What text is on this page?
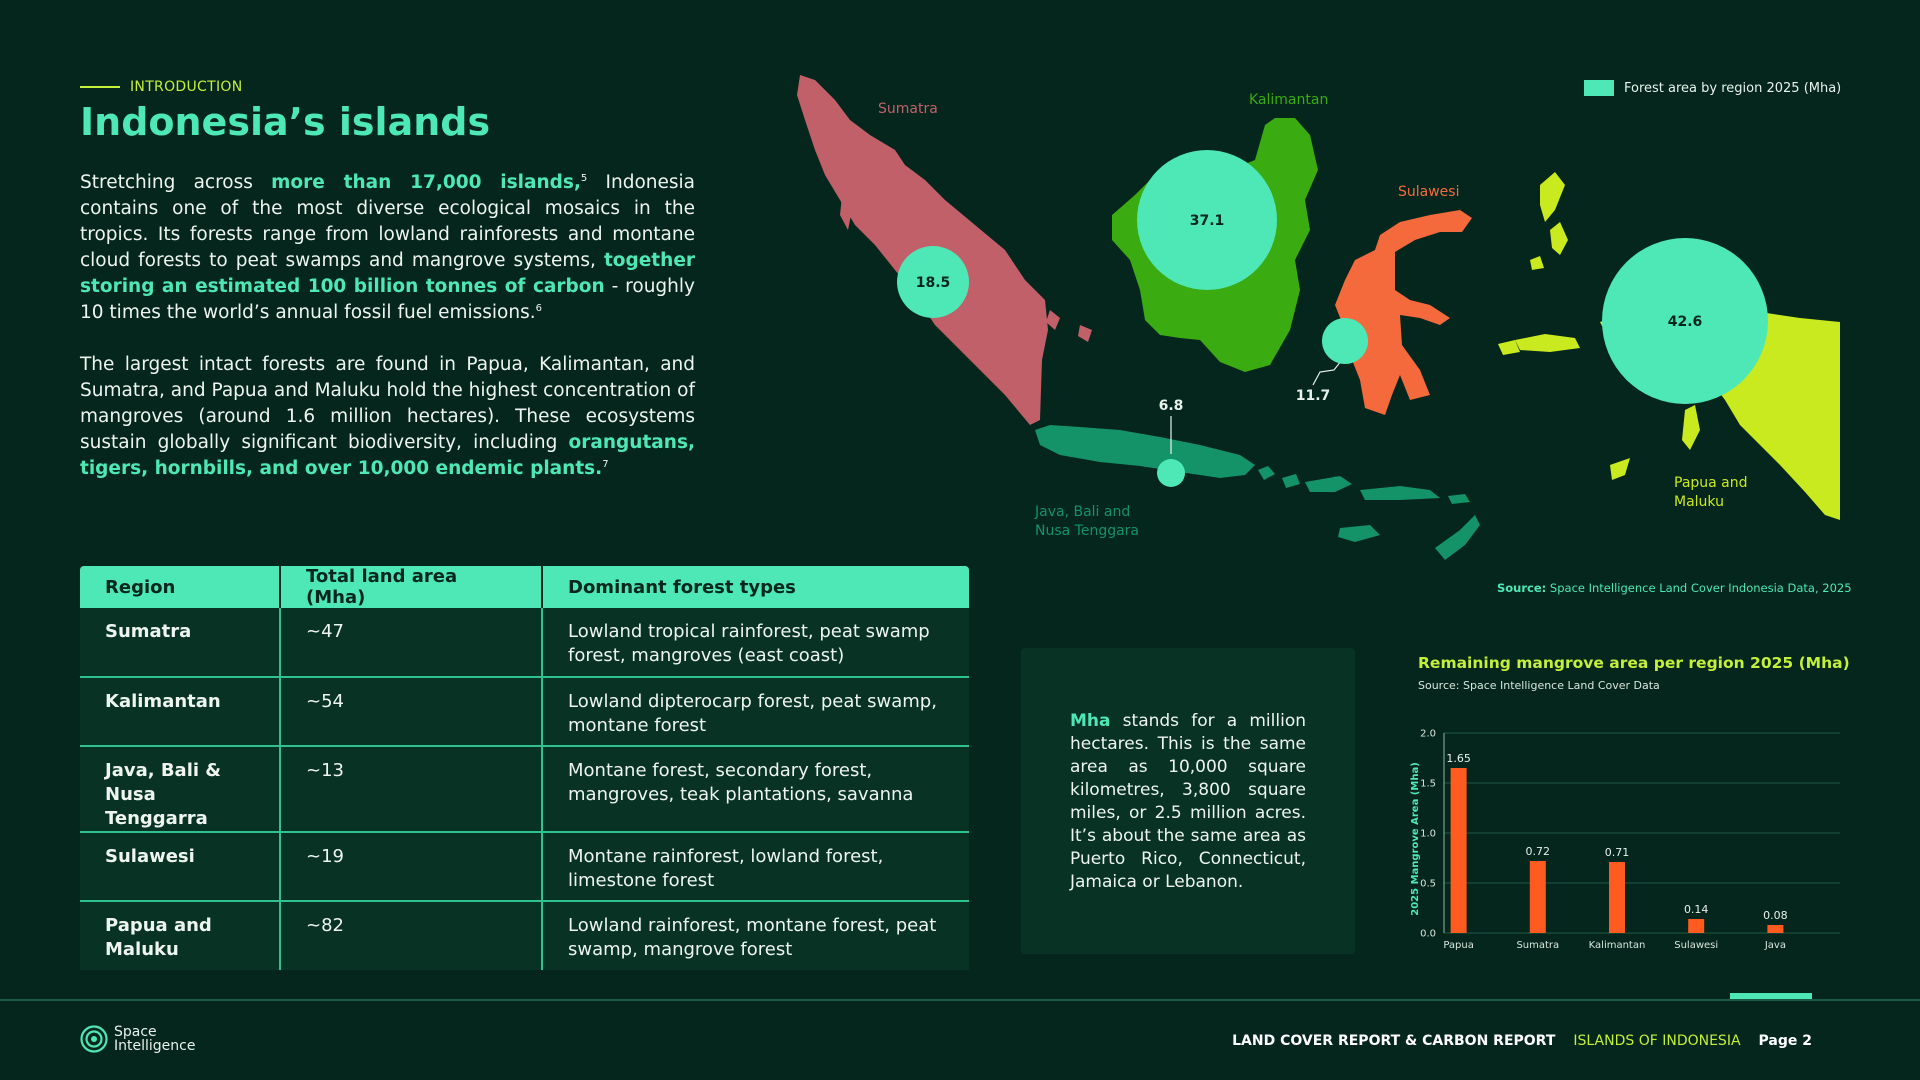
INTRODUCTION
Indonesia’s islands

Stretching across more than 17,000 islands,$^5$ Indonesia contains one of the most diverse ecological mosaics in the tropics. Its forests range from lowland rainforests and montane cloud forests to peat swamps and mangrove systems, together storing an estimated 100 billion tonnes of carbon - roughly 10 times the world’s annual fossil fuel emissions.$^6$

The largest intact forests are found in Papua, Kalimantan, and Sumatra, and Papua and Maluku hold the highest concentration of mangroves (around 1.6 million hectares). These ecosystems sustain globally significant biodiversity, including orangutans, tigers, hornbills, and over 10,000 endemic plants.$^7$

Region	Total land area (Mha)	Dominant forest types
Sumatra	~47	Lowland tropical rainforest, peat swamp forest, mangroves (east coast)
Kalimantan	~54	Lowland dipterocarp forest, peat swamp, montane forest
Java, Bali & Nusa Tenggarra	~13	Montane forest, secondary forest, mangroves, teak plantations, savanna
Sulawesi	~19	Montane rainforest, lowland forest, limestone forest
Papua and Maluku	~82	Lowland rainforest, montane forest, peat swamp, mangrove forest
18.5
37.1
42.6
11.7
6.8
Sumatra
Kalimantan
Sulawesi
Java, Bali and
Nusa Tenggara
Papua and
Maluku
Forest area by region 2025 (Mha)
Source: Space Intelligence Land Cover Indonesia Data, 2025

Mha stands for a million hectares. This is the same area as 10,000 square kilometres, 3,800 square miles, or 2.5 million acres. It’s about the same area as Puerto Rico, Connecticut, Jamaica or Lebanon.

Remaining mangrove area per region 2025 (Mha)
Source: Space Intelligence Land Cover Data
2025 Mangrove Area (Mha)
0.0
0.5
1.0
1.5
2.0
1.65
Papua
0.72
Sumatra
0.71
Kalimantan
0.14
Sulawesi
0.08
Java
Space
Intelligence	LAND COVER REPORT & CARBON REPORT ISLANDS OF INDONESIA Page 2
